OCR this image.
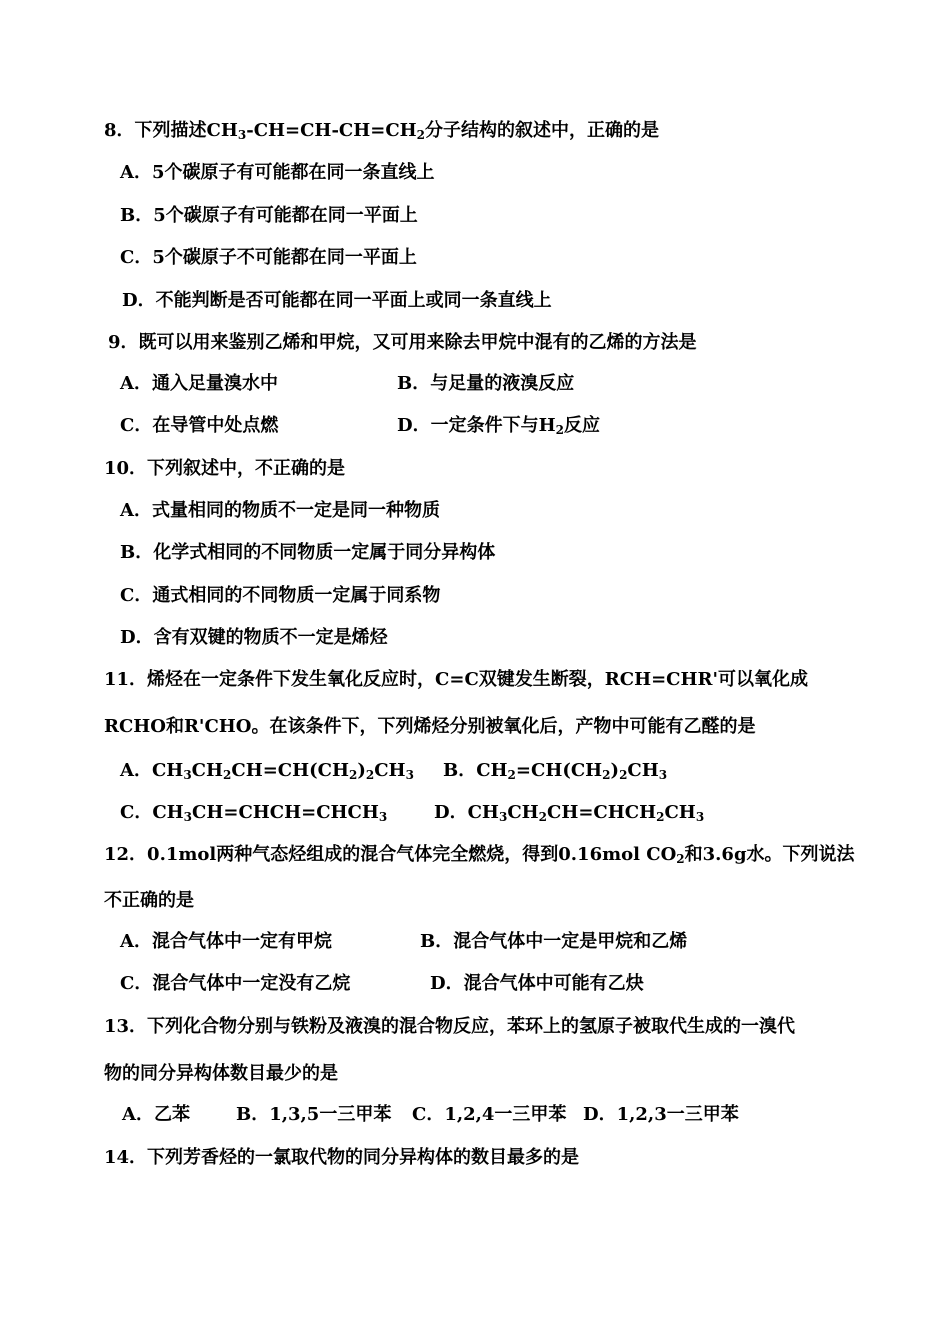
8．下列描述$CH_3-CH=CH-CH=CH_2$分子结构的叙述中，正确的是
A．5个碳原子有可能都在同一条直线上
B．5个碳原子有可能都在同一平面上
C．5个碳原子不可能都在同一平面上
D．不能判断是否可能都在同一平面上或同一条直线上
9．既可以用来鉴别乙烯和甲烷，又可用来除去甲烷中混有的乙烯的方法是
A．通入足量溴水中	B．与足量的液溴反应
C．在导管中处点燃	D．一定条件下与$H_2$反应
10．下列叙述中，不正确的是
A．式量相同的物质不一定是同一种物质
B．化学式相同的不同物质一定属于同分异构体
C．通式相同的不同物质一定属于同系物
D．含有双键的物质不一定是烯烃
11．烯烃在一定条件下发生氧化反应时，C=C双键发生断裂，RCH=CHR'可以氧化成
RCHO和R'CHO。在该条件下，下列烯烃分别被氧化后，产物中可能有乙醛的是
A．$CH_3CH_2CH=CH(CH_2)_2CH_3$ B．$CH_2=CH(CH_2)_2CH_3$
C．$CH_3CH=CHCH=CHCH_3$	D．$CH_3CH_2CH=CHCH_2CH_3$
12．0.1mol两种气态烃组成的混合气体完全燃烧，得到0.16mol $CO_2$和3.6g水。下列说法
不正确的是
A．混合气体中一定有甲烷	B．混合气体中一定是甲烷和乙烯
C．混合气体中一定没有乙烷	D．混合气体中可能有乙炔
13．下列化合物分别与铁粉及液溴的混合物反应，苯环上的氢原子被取代生成的一溴代
物的同分异构体数目最少的是
A．乙苯	B．1,3,5一三甲苯 C．1,2,4一三甲苯 D．1,2,3一三甲苯
14．下列芳香烃的一氯取代物的同分异构体的数目最多的是
